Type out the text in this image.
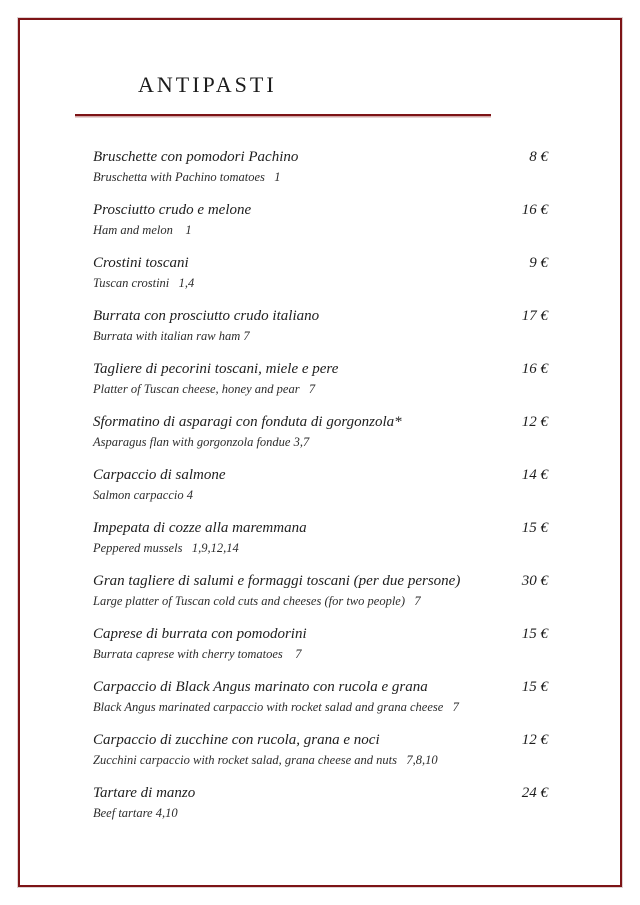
ANTIPASTI
Bruschette con pomodori Pachino	8 €
Bruschetta with Pachino tomatoes   1
Prosciutto crudo e melone	16 €
Ham and melon    1
Crostini toscani	9 €
Tuscan crostini   1,4
Burrata con prosciutto crudo italiano	17 €
Burrata with italian raw ham 7
Tagliere di pecorini toscani, miele e pere	16 €
Platter of Tuscan cheese, honey and pear   7
Sformatino di asparagi con fonduta di gorgonzola*	12 €
Asparagus flan with gorgonzola fondue 3,7
Carpaccio di salmone	14 €
Salmon carpaccio 4
Impepata di cozze alla maremmana	15 €
Peppered mussels   1,9,12,14
Gran tagliere di salumi e formaggi toscani (per due persone)	30 €
Large platter of Tuscan cold cuts and cheeses (for two people)   7
Caprese di burrata con pomodorini	15 €
Burrata caprese with cherry tomatoes    7
Carpaccio di Black Angus marinato con rucola e grana	15 €
Black Angus marinated carpaccio with rocket salad and grana cheese   7
Carpaccio di zucchine con rucola, grana e noci	12 €
Zucchini carpaccio with rocket salad, grana cheese and nuts   7,8,10
Tartare di manzo	24 €
Beef tartare 4,10
